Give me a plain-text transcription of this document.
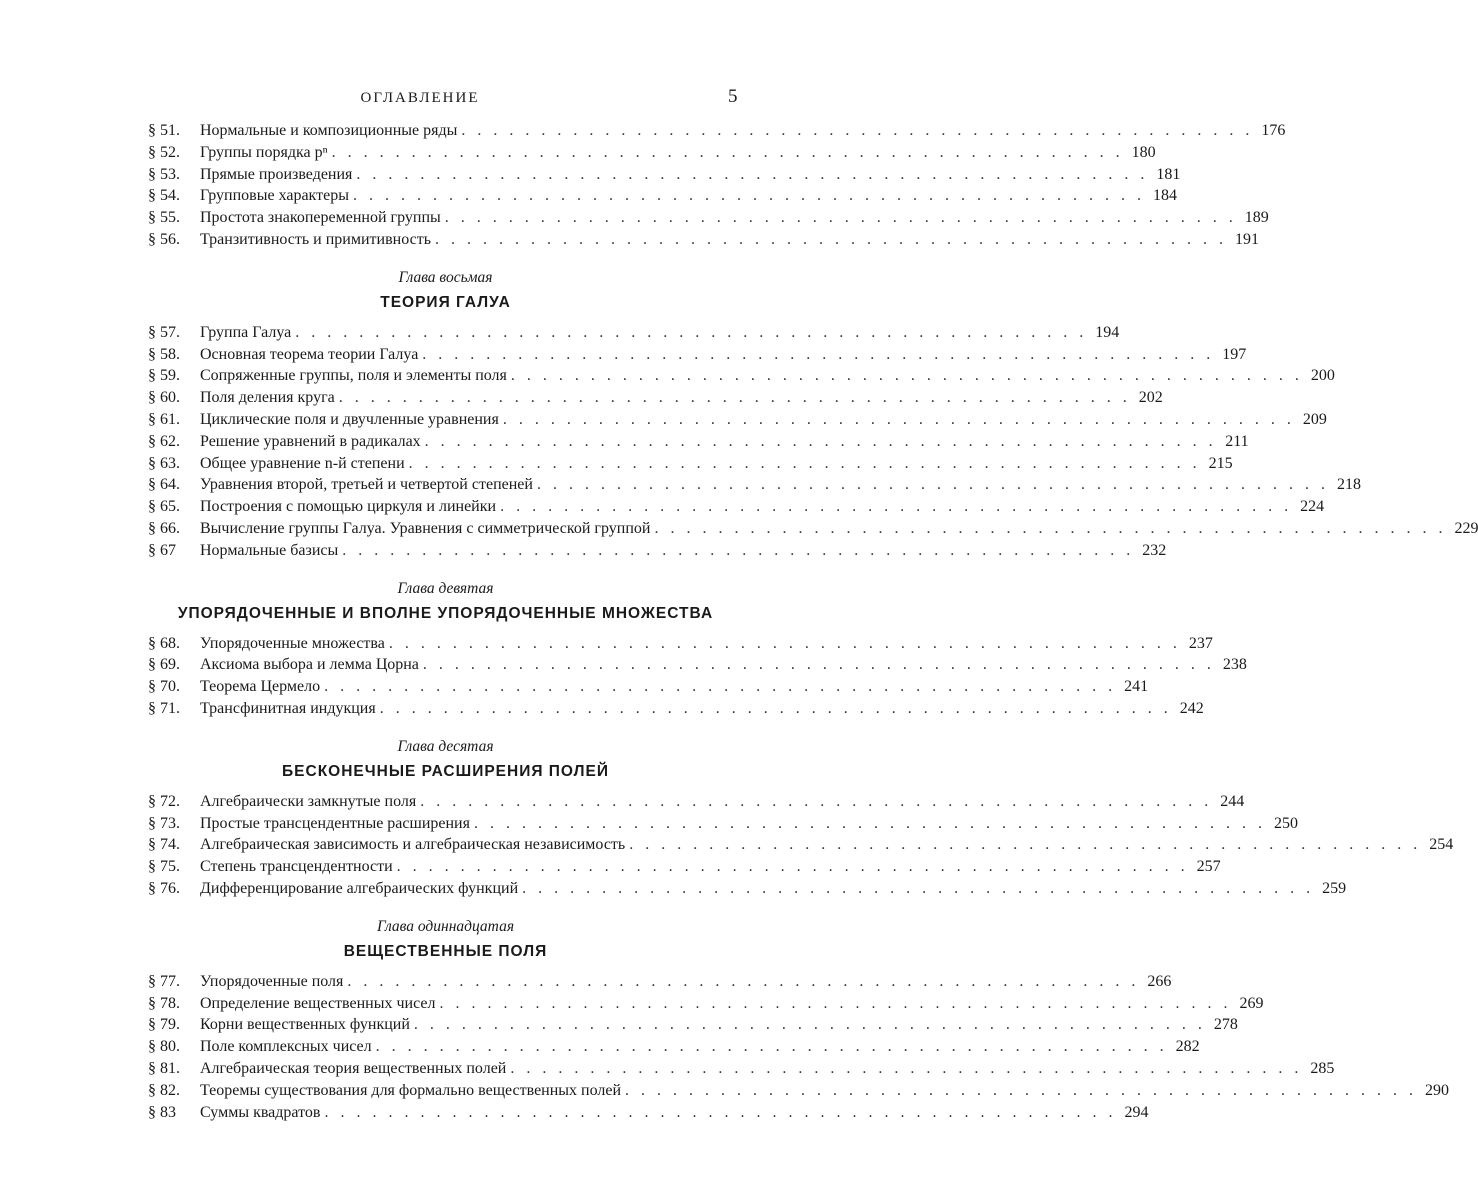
ОГЛАВЛЕНИЕ	5
§ 51.	Нормальные и композиционные ряды . . . . . . . . . . . . . . . . . . . . . . . . . . . . . . . . . . . . . . . . . . . . . . . . . . 176
§ 52.	Группы порядка pⁿ . . . . . . . . . . . . . . . . . . . . . . . . . . . . . . . . . . . . . . . . . . . . . . . . . . 180
§ 53.	Прямые произведения . . . . . . . . . . . . . . . . . . . . . . . . . . . . . . . . . . . . . . . . . . . . . . . . . . 181
§ 54.	Групповые характеры . . . . . . . . . . . . . . . . . . . . . . . . . . . . . . . . . . . . . . . . . . . . . . . . . . 184
§ 55.	Простота знакопеременной группы . . . . . . . . . . . . . . . . . . . . . . . . . . . . . . . . . . . . . . . . . . . . . . . . . . 189
§ 56.	Транзитивность и примитивность . . . . . . . . . . . . . . . . . . . . . . . . . . . . . . . . . . . . . . . . . . . . . . . . . . 191
Глава восьмая
ТЕОРИЯ ГАЛУА
§ 57.	Группа Галуа . . . . . . . . . . . . . . . . . . . . . . . . . . . . . . . . . . . . . . . . . . . . . . . . . . 194
§ 58.	Основная теорема теории Галуа . . . . . . . . . . . . . . . . . . . . . . . . . . . . . . . . . . . . . . . . . . . . . . . . . . 197
§ 59.	Сопряженные группы, поля и элементы поля . . . . . . . . . . . . . . . . . . . . . . . . . . . . . . . . . . . . . . . . . . . . . . . . . . 200
§ 60.	Поля деления круга . . . . . . . . . . . . . . . . . . . . . . . . . . . . . . . . . . . . . . . . . . . . . . . . . . 202
§ 61.	Циклические поля и двучленные уравнения . . . . . . . . . . . . . . . . . . . . . . . . . . . . . . . . . . . . . . . . . . . . . . . . . . 209
§ 62.	Решение уравнений в радикалах . . . . . . . . . . . . . . . . . . . . . . . . . . . . . . . . . . . . . . . . . . . . . . . . . . 211
§ 63.	Общее уравнение n-й степени . . . . . . . . . . . . . . . . . . . . . . . . . . . . . . . . . . . . . . . . . . . . . . . . . . 215
§ 64.	Уравнения второй, третьей и четвертой степеней . . . . . . . . . . . . . . . . . . . . . . . . . . . . . . . . . . . . . . . . . . . . . . . . . . 218
§ 65.	Построения с помощью циркуля и линейки . . . . . . . . . . . . . . . . . . . . . . . . . . . . . . . . . . . . . . . . . . . . . . . . . . 224
§ 66.	Вычисление группы Галуа. Уравнения с симметрической группой . . . . . . . . . . . . . . . . . . . . . . . . . . . . . . . . . . . . . . . . . . . . . . . . . . 229
§ 67	Нормальные базисы . . . . . . . . . . . . . . . . . . . . . . . . . . . . . . . . . . . . . . . . . . . . . . . . . . 232
Глава девятая
УПОРЯДОЧЕННЫЕ И ВПОЛНЕ УПОРЯДОЧЕННЫЕ МНОЖЕСТВА
§ 68.	Упорядоченные множества . . . . . . . . . . . . . . . . . . . . . . . . . . . . . . . . . . . . . . . . . . . . . . . . . . 237
§ 69.	Аксиома выбора и лемма Цорна . . . . . . . . . . . . . . . . . . . . . . . . . . . . . . . . . . . . . . . . . . . . . . . . . . 238
§ 70.	Теорема Цермело . . . . . . . . . . . . . . . . . . . . . . . . . . . . . . . . . . . . . . . . . . . . . . . . . . 241
§ 71.	Трансфинитная индукция . . . . . . . . . . . . . . . . . . . . . . . . . . . . . . . . . . . . . . . . . . . . . . . . . . 242
Глава десятая
БЕСКОНЕЧНЫЕ РАСШИРЕНИЯ ПОЛЕЙ
§ 72.	Алгебраически замкнутые поля . . . . . . . . . . . . . . . . . . . . . . . . . . . . . . . . . . . . . . . . . . . . . . . . . . 244
§ 73.	Простые трансцендентные расширения . . . . . . . . . . . . . . . . . . . . . . . . . . . . . . . . . . . . . . . . . . . . . . . . . . 250
§ 74.	Алгебраическая зависимость и алгебраическая независимость . . . . . . . . . . . . . . . . . . . . . . . . . . . . . . . . . . . . . . . . . . . . . . . . . . 254
§ 75.	Степень трансцендентности . . . . . . . . . . . . . . . . . . . . . . . . . . . . . . . . . . . . . . . . . . . . . . . . . . 257
§ 76.	Дифференцирование алгебраических функций . . . . . . . . . . . . . . . . . . . . . . . . . . . . . . . . . . . . . . . . . . . . . . . . . . 259
Глава одиннадцатая
ВЕЩЕСТВЕННЫЕ ПОЛЯ
§ 77.	Упорядоченные поля . . . . . . . . . . . . . . . . . . . . . . . . . . . . . . . . . . . . . . . . . . . . . . . . . . 266
§ 78.	Определение вещественных чисел . . . . . . . . . . . . . . . . . . . . . . . . . . . . . . . . . . . . . . . . . . . . . . . . . . 269
§ 79.	Корни вещественных функций . . . . . . . . . . . . . . . . . . . . . . . . . . . . . . . . . . . . . . . . . . . . . . . . . . 278
§ 80.	Поле комплексных чисел . . . . . . . . . . . . . . . . . . . . . . . . . . . . . . . . . . . . . . . . . . . . . . . . . . 282
§ 81.	Алгебраическая теория вещественных полей . . . . . . . . . . . . . . . . . . . . . . . . . . . . . . . . . . . . . . . . . . . . . . . . . . 285
§ 82.	Теоремы существования для формально вещественных полей . . . . . . . . . . . . . . . . . . . . . . . . . . . . . . . . . . . . . . . . . . . . . . . . . . 290
§ 83	Суммы квадратов . . . . . . . . . . . . . . . . . . . . . . . . . . . . . . . . . . . . . . . . . . . . . . . . . . 294
